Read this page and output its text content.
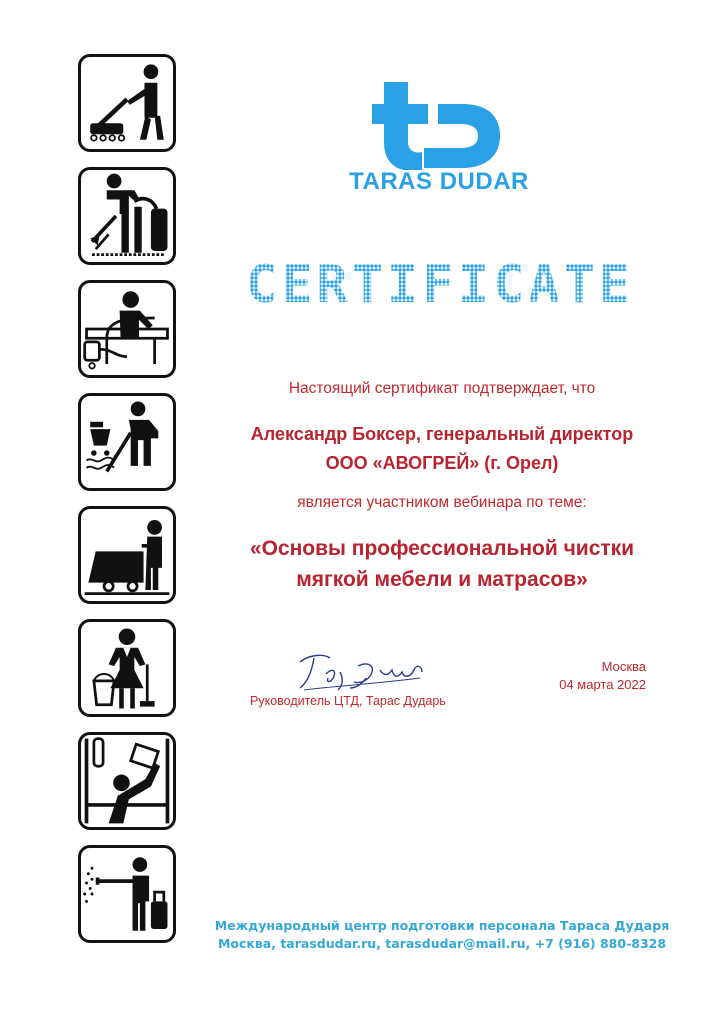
TARAS DUDAR
CERTIFICATE
Настоящий сертификат подтверждает, что
Александр Боксер, генеральный директор
ООО «АВОГРЕЙ» (г. Орел)
является участником вебинара по теме:
«Основы профессиональной чистки
мягкой мебели и матрасов»
Руководитель ЦТД, Тарас Дударь
Москва
04 марта 2022
Международный центр подготовки персонала Тараса Дударя
Москва, tarasdudar.ru, tarasdudar@mail.ru, +7 (916) 880-8328
